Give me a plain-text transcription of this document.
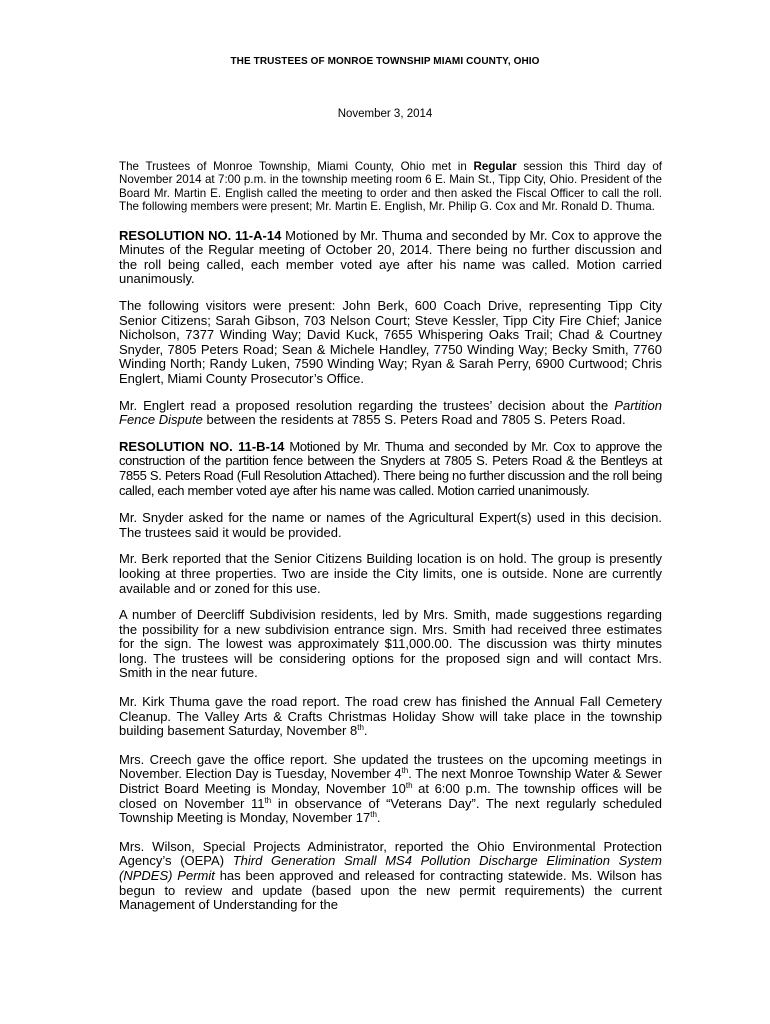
THE TRUSTEES OF MONROE TOWNSHIP MIAMI COUNTY, OHIO
November 3, 2014

The Trustees of Monroe Township, Miami County, Ohio met in Regular session this Third day of November 2014 at 7:00 p.m. in the township meeting room 6 E. Main St., Tipp City, Ohio. President of the Board Mr. Martin E. English called the meeting to order and then asked the Fiscal Officer to call the roll. The following members were present; Mr. Martin E. English, Mr. Philip G. Cox and Mr. Ronald D. Thuma.

RESOLUTION NO. 11-A-14 Motioned by Mr. Thuma and seconded by Mr. Cox to approve the Minutes of the Regular meeting of October 20, 2014. There being no further discussion and the roll being called, each member voted aye after his name was called. Motion carried unanimously.

The following visitors were present: John Berk, 600 Coach Drive, representing Tipp City Senior Citizens; Sarah Gibson, 703 Nelson Court; Steve Kessler, Tipp City Fire Chief; Janice Nicholson, 7377 Winding Way; David Kuck, 7655 Whispering Oaks Trail; Chad & Courtney Snyder, 7805 Peters Road; Sean & Michele Handley, 7750 Winding Way; Becky Smith, 7760 Winding North; Randy Luken, 7590 Winding Way; Ryan & Sarah Perry, 6900 Curtwood; Chris Englert, Miami County Prosecutor’s Office.

Mr. Englert read a proposed resolution regarding the trustees’ decision about the Partition Fence Dispute between the residents at 7855 S. Peters Road and 7805 S. Peters Road.

RESOLUTION NO. 11-B-14 Motioned by Mr. Thuma and seconded by Mr. Cox to approve the construction of the partition fence between the Snyders at 7805 S. Peters Road & the Bentleys at 7855 S. Peters Road (Full Resolution Attached). There being no further discussion and the roll being called, each member voted aye after his name was called. Motion carried unanimously.

Mr. Snyder asked for the name or names of the Agricultural Expert(s) used in this decision. The trustees said it would be provided.

Mr. Berk reported that the Senior Citizens Building location is on hold. The group is presently looking at three properties. Two are inside the City limits, one is outside. None are currently available and or zoned for this use.

A number of Deercliff Subdivision residents, led by Mrs. Smith, made suggestions regarding the possibility for a new subdivision entrance sign. Mrs. Smith had received three estimates for the sign. The lowest was approximately $11,000.00. The discussion was thirty minutes long. The trustees will be considering options for the proposed sign and will contact Mrs. Smith in the near future.

Mr. Kirk Thuma gave the road report. The road crew has finished the Annual Fall Cemetery Cleanup. The Valley Arts & Crafts Christmas Holiday Show will take place in the township building basement Saturday, November 8th.

Mrs. Creech gave the office report. She updated the trustees on the upcoming meetings in November. Election Day is Tuesday, November 4th. The next Monroe Township Water & Sewer District Board Meeting is Monday, November 10th at 6:00 p.m. The township offices will be closed on November 11th in observance of “Veterans Day”. The next regularly scheduled Township Meeting is Monday, November 17th.

Mrs. Wilson, Special Projects Administrator, reported the Ohio Environmental Protection Agency’s (OEPA) Third Generation Small MS4 Pollution Discharge Elimination System (NPDES) Permit has been approved and released for contracting statewide. Ms. Wilson has begun to review and update (based upon the new permit requirements) the current Management of Understanding for the
